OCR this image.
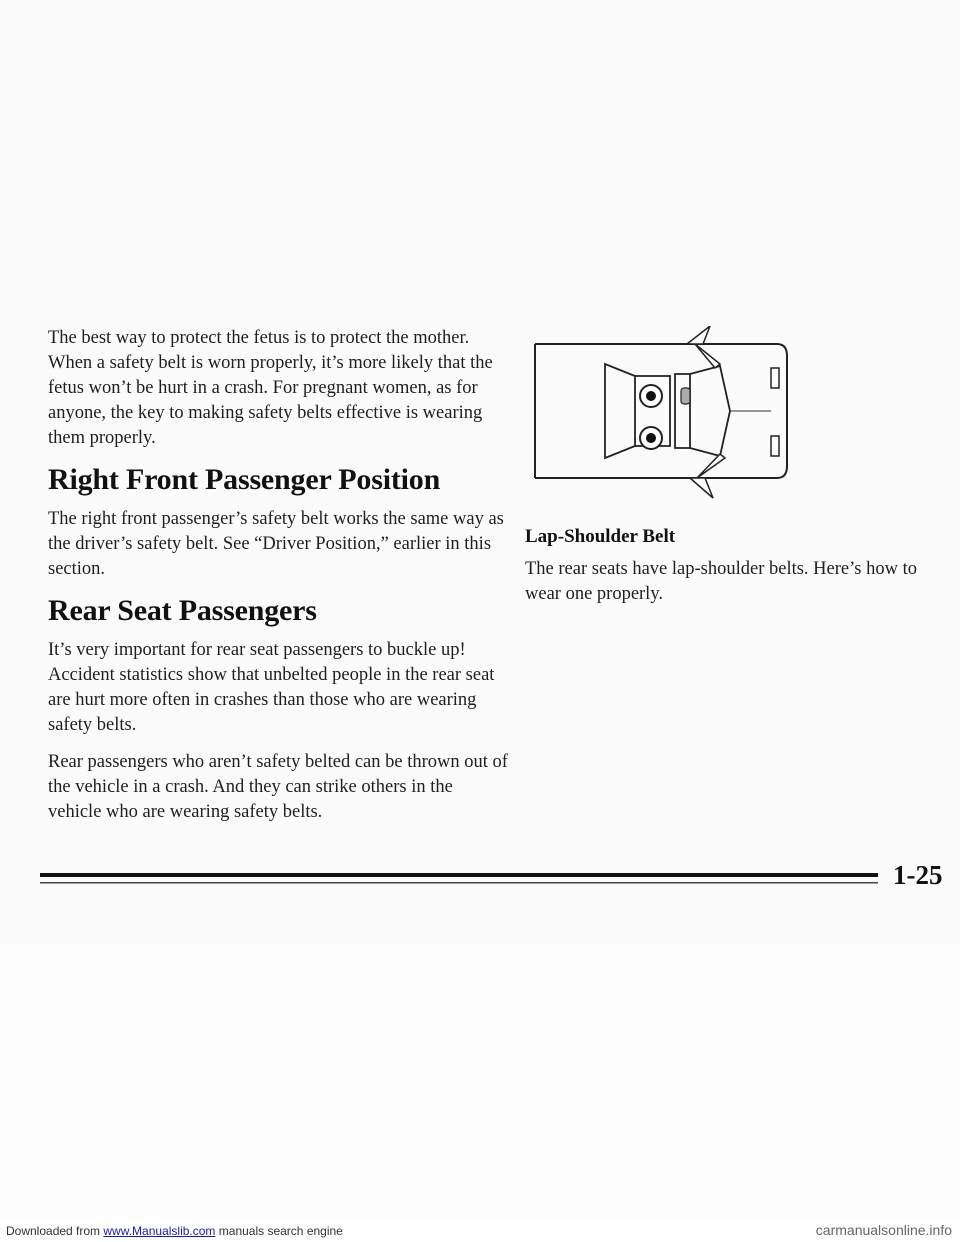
The best way to protect the fetus is to protect the mother. When a safety belt is worn properly, it’s more likely that the fetus won’t be hurt in a crash. For pregnant women, as for anyone, the key to making safety belts effective is wearing them properly.

Right Front Passenger Position

The right front passenger’s safety belt works the same way as the driver’s safety belt. See “Driver Position,” earlier in this section.

Rear Seat Passengers

It’s very important for rear seat passengers to buckle up! Accident statistics show that unbelted people in the rear seat are hurt more often in crashes than those who are wearing safety belts.

Rear passengers who aren’t safety belted can be thrown out of the vehicle in a crash. And they can strike others in the vehicle who are wearing safety belts.

Lap-Shoulder Belt

The rear seats have lap-shoulder belts. Here’s how to wear one properly.

1-25
Downloaded from www.Manualslib.com manuals search engine	carmanualsonline.info
